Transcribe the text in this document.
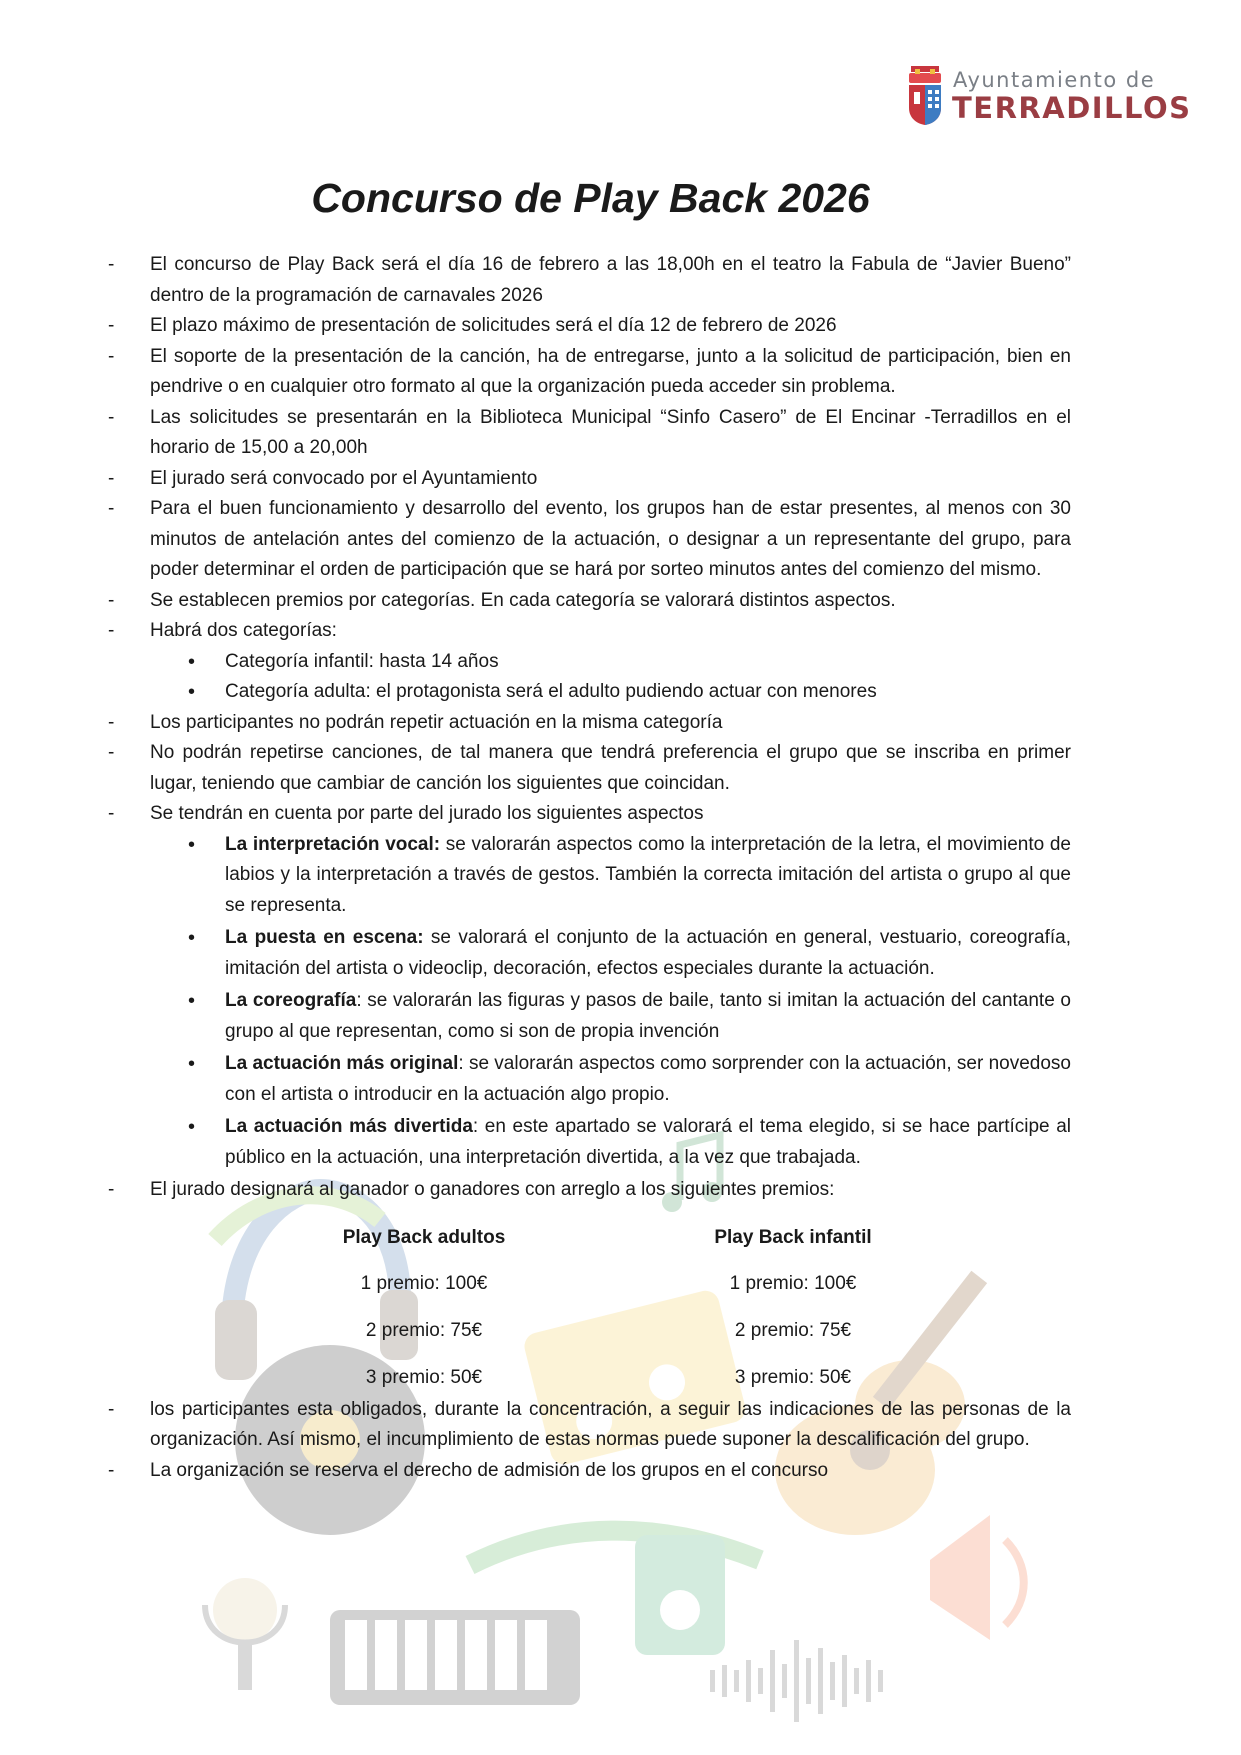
Ayuntamiento de
TERRADILLOS
Concurso de Play Back 2026

- El concurso de Play Back será el día 16 de febrero a las 18,00h en el teatro la Fabula de “Javier Bueno” dentro de la programación de carnavales 2026

- El plazo máximo de presentación de solicitudes será el día 12 de febrero de 2026

- El soporte de la presentación de la canción, ha de entregarse, junto a la solicitud de participación, bien en pendrive o en cualquier otro formato al que la organización pueda acceder sin problema.

- Las solicitudes se presentarán en la Biblioteca Municipal “Sinfo Casero” de El Encinar -Terradillos en el horario de 15,00 a 20,00h

- El jurado será convocado por el Ayuntamiento

- Para el buen funcionamiento y desarrollo del evento, los grupos han de estar presentes, al menos con 30 minutos de antelación antes del comienzo de la actuación, o designar a un representante del grupo, para poder determinar el orden de participación que se hará por sorteo minutos antes del comienzo del mismo.

- Se establecen premios por categorías. En cada categoría se valorará distintos aspectos.

- Habrá dos categorías:

• Categoría infantil: hasta 14 años
• Categoría adulta: el protagonista será el adulto pudiendo actuar con menores

- Los participantes no podrán repetir actuación en la misma categoría

- No podrán repetirse canciones, de tal manera que tendrá preferencia el grupo que se inscriba en primer lugar, teniendo que cambiar de canción los siguientes que coincidan.

- Se tendrán en cuenta por parte del jurado los siguientes aspectos

• La interpretación vocal: se valorarán aspectos como la interpretación de la letra, el movimiento de labios y la interpretación a través de gestos. También la correcta imitación del artista o grupo al que se representa.
• La puesta en escena: se valorará el conjunto de la actuación en general, vestuario, coreografía, imitación del artista o videoclip, decoración, efectos especiales durante la actuación.
• La coreografía: se valorarán las figuras y pasos de baile, tanto si imitan la actuación del cantante o grupo al que representan, como si son de propia invención
• La actuación más original: se valorarán aspectos como sorprender con la actuación, ser novedoso con el artista o introducir en la actuación algo propio.
• La actuación más divertida: en este apartado se valorará el tema elegido, si se hace partícipe al público en la actuación, una interpretación divertida, a la vez que trabajada.

- El jurado designará al ganador o ganadores con arreglo a los siguientes premios:

Play Back adultos
1 premio: 100€
2 premio: 75€
3 premio: 50€
Play Back infantil
1 premio: 100€
2 premio: 75€
3 premio: 50€

- los participantes esta obligados, durante la concentración, a seguir las indicaciones de las personas de la organización. Así mismo, el incumplimiento de estas normas puede suponer la descalificación del grupo.

- La organización se reserva el derecho de admisión de los grupos en el concurso
